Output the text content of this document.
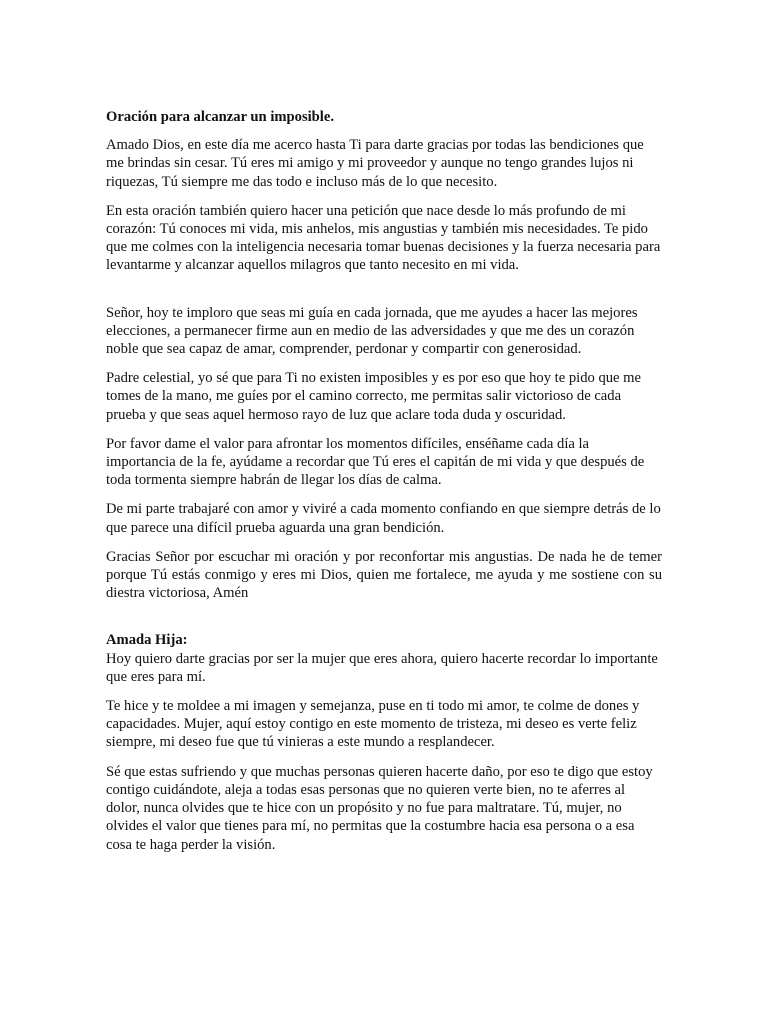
Oración para alcanzar un imposible.

Amado Dios, en este día me acerco hasta Ti para darte gracias por todas las bendiciones que me brindas sin cesar. Tú eres mi amigo y mi proveedor y aunque no tengo grandes lujos ni riquezas, Tú siempre me das todo e incluso más de lo que necesito.

En esta oración también quiero hacer una petición que nace desde lo más profundo de mi corazón: Tú conoces mi vida, mis anhelos, mis angustias y también mis necesidades. Te pido que me colmes con la inteligencia necesaria tomar buenas decisiones y la fuerza necesaria para levantarme y alcanzar aquellos milagros que tanto necesito en mi vida.

Señor, hoy te imploro que seas mi guía en cada jornada, que me ayudes a hacer las mejores elecciones, a permanecer firme aun en medio de las adversidades y que me des un corazón noble que sea capaz de amar, comprender, perdonar y compartir con generosidad.

Padre celestial, yo sé que para Ti no existen imposibles y es por eso que hoy te pido que me tomes de la mano, me guíes por el camino correcto, me permitas salir victorioso de cada prueba y que seas aquel hermoso rayo de luz que aclare toda duda y oscuridad.

Por favor dame el valor para afrontar los momentos difíciles, enséñame cada día la importancia de la fe, ayúdame a recordar que Tú eres el capitán de mi vida y que después de toda tormenta siempre habrán de llegar los días de calma.

De mi parte trabajaré con amor y viviré a cada momento confiando en que siempre detrás de lo que parece una difícil prueba aguarda una gran bendición.

Gracias Señor por escuchar mi oración y por reconfortar mis angustias. De nada he de temer porque Tú estás conmigo y eres mi Dios, quien me fortalece, me ayuda y me sostiene con su diestra victoriosa, Amén

Amada Hija:

Hoy quiero darte gracias por ser la mujer que eres ahora, quiero hacerte recordar lo importante que eres para mí.

Te hice y te moldee a mi imagen y semejanza, puse en ti todo mi amor, te colme de dones y capacidades. Mujer, aquí estoy contigo en este momento de tristeza, mi deseo es verte feliz siempre, mi deseo fue que tú vinieras a este mundo a resplandecer.

Sé que estas sufriendo y que muchas personas quieren hacerte daño, por eso te digo que estoy contigo cuidándote, aleja a todas esas personas que no quieren verte bien, no te aferres al dolor, nunca olvides que te hice con un propósito y no fue para maltratare. Tú, mujer, no olvides el valor que tienes para mí, no permitas que la costumbre hacia esa persona o a esa cosa te haga perder la visión.
